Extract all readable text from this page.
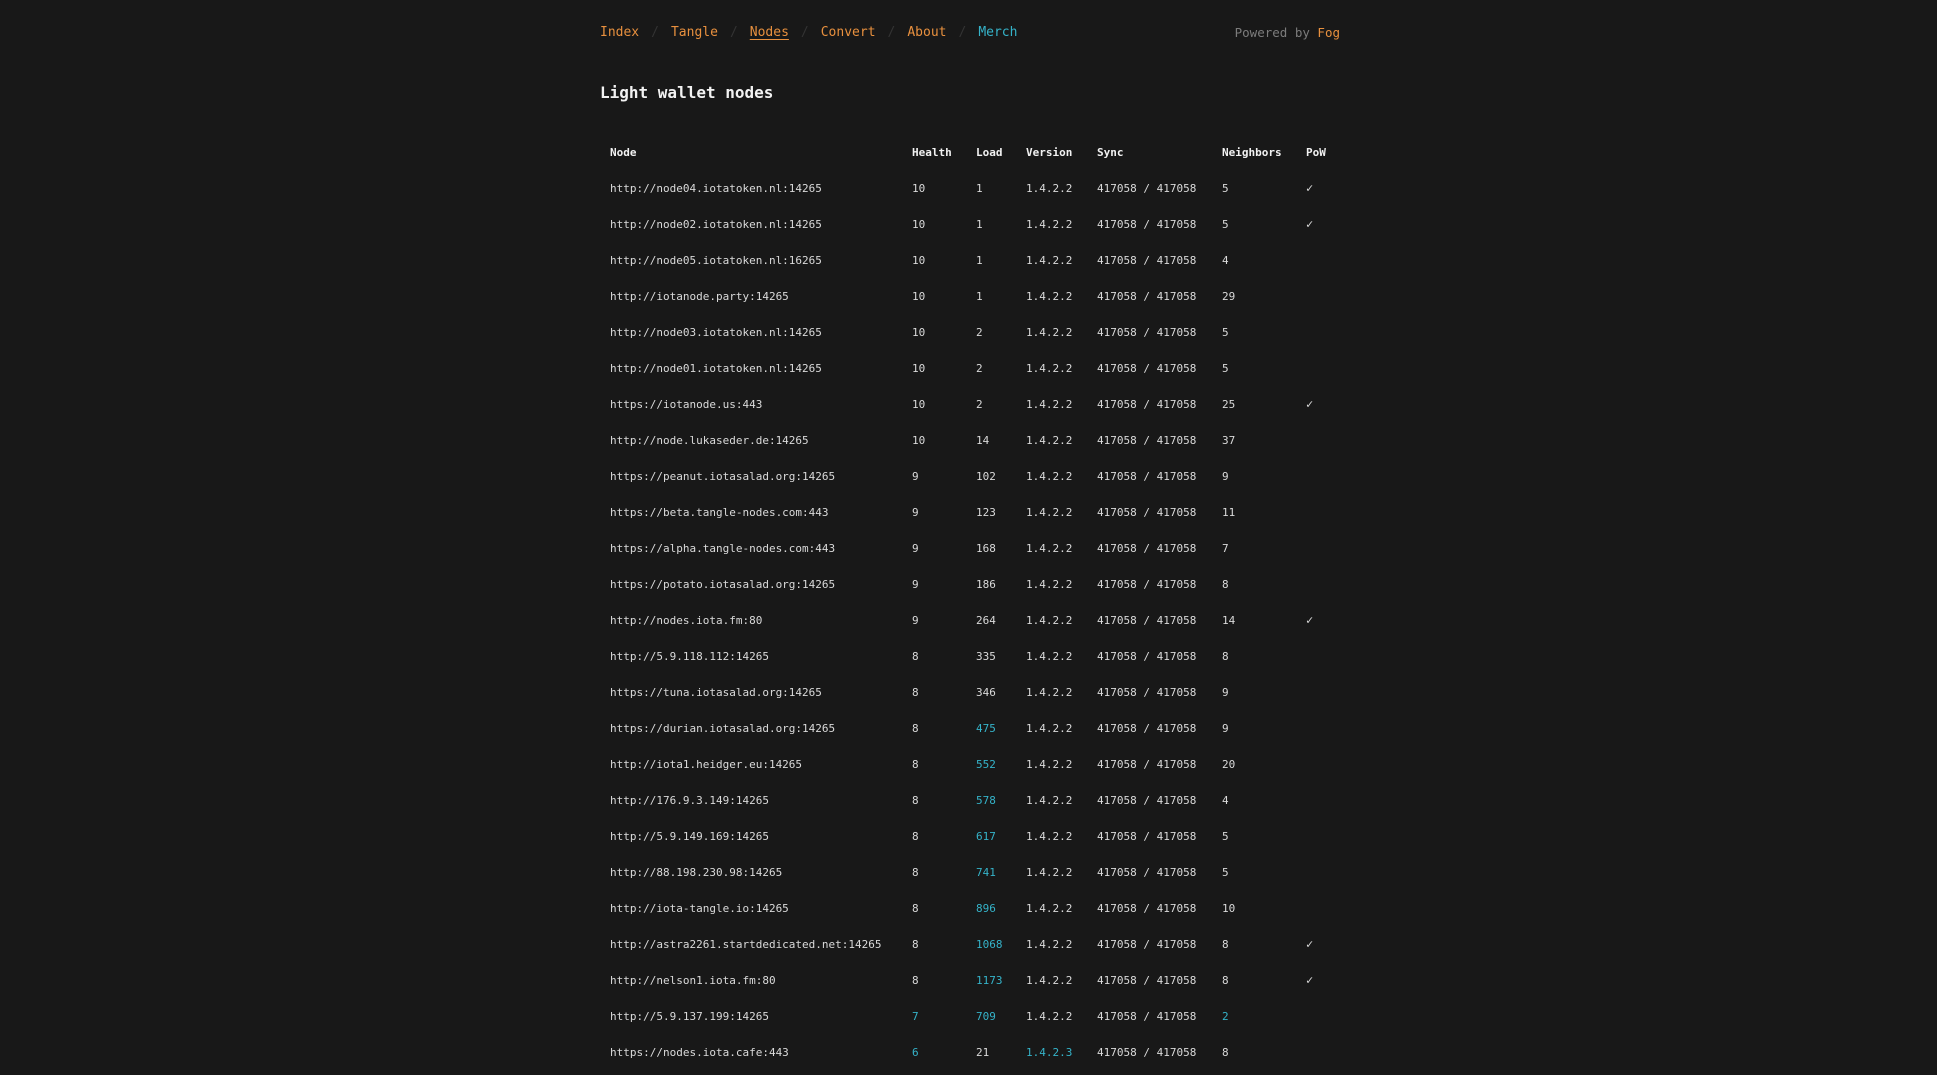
Index / Tangle / Nodes / Convert / About / Merch	Powered by Fog
Light wallet nodes
Node	Health	Load	Version	Sync	Neighbors	PoW
http://node04.iotatoken.nl:14265	10	1	1.4.2.2	417058 / 417058	5	✓
http://node02.iotatoken.nl:14265	10	1	1.4.2.2	417058 / 417058	5	✓
http://node05.iotatoken.nl:16265	10	1	1.4.2.2	417058 / 417058	4	
http://iotanode.party:14265	10	1	1.4.2.2	417058 / 417058	29	
http://node03.iotatoken.nl:14265	10	2	1.4.2.2	417058 / 417058	5	
http://node01.iotatoken.nl:14265	10	2	1.4.2.2	417058 / 417058	5	
https://iotanode.us:443	10	2	1.4.2.2	417058 / 417058	25	✓
http://node.lukaseder.de:14265	10	14	1.4.2.2	417058 / 417058	37	
https://peanut.iotasalad.org:14265	9	102	1.4.2.2	417058 / 417058	9	
https://beta.tangle-nodes.com:443	9	123	1.4.2.2	417058 / 417058	11	
https://alpha.tangle-nodes.com:443	9	168	1.4.2.2	417058 / 417058	7	
https://potato.iotasalad.org:14265	9	186	1.4.2.2	417058 / 417058	8	
http://nodes.iota.fm:80	9	264	1.4.2.2	417058 / 417058	14	✓
http://5.9.118.112:14265	8	335	1.4.2.2	417058 / 417058	8	
https://tuna.iotasalad.org:14265	8	346	1.4.2.2	417058 / 417058	9	
https://durian.iotasalad.org:14265	8	475	1.4.2.2	417058 / 417058	9	
http://iota1.heidger.eu:14265	8	552	1.4.2.2	417058 / 417058	20	
http://176.9.3.149:14265	8	578	1.4.2.2	417058 / 417058	4	
http://5.9.149.169:14265	8	617	1.4.2.2	417058 / 417058	5	
http://88.198.230.98:14265	8	741	1.4.2.2	417058 / 417058	5	
http://iota-tangle.io:14265	8	896	1.4.2.2	417058 / 417058	10	
http://astra2261.startdedicated.net:14265	8	1068	1.4.2.2	417058 / 417058	8	✓
http://nelson1.iota.fm:80	8	1173	1.4.2.2	417058 / 417058	8	✓
http://5.9.137.199:14265	7	709	1.4.2.2	417058 / 417058	2	
https://nodes.iota.cafe:443	6	21	1.4.2.3	417058 / 417058	8	
